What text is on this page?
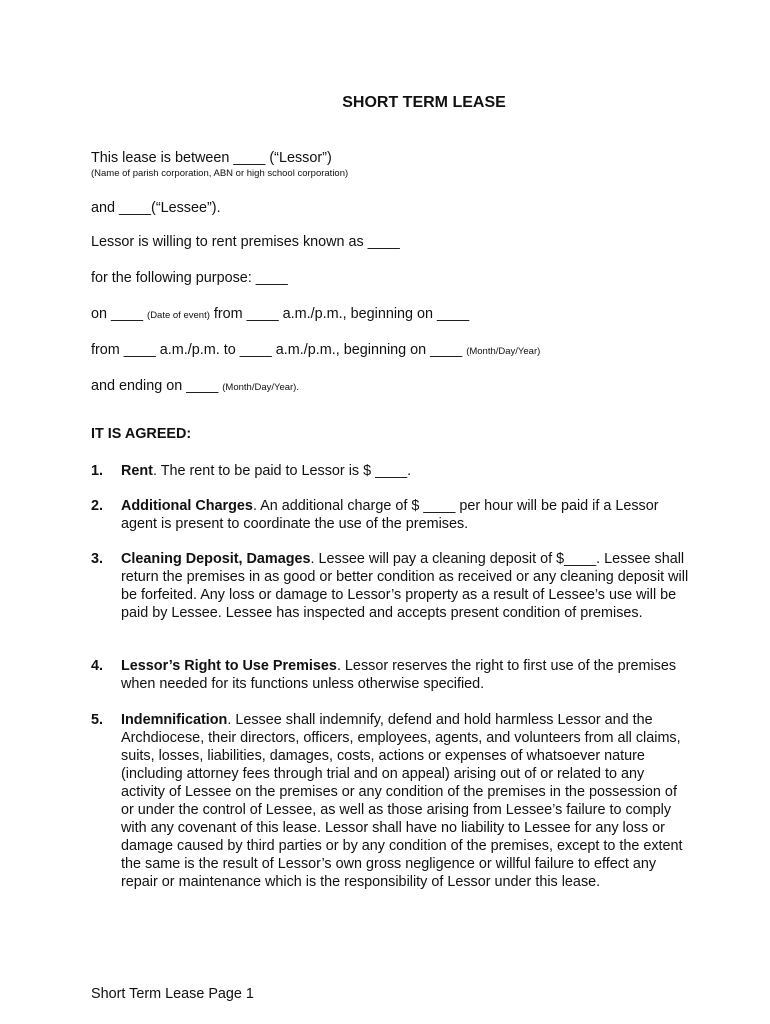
SHORT TERM LEASE
This lease is between ____ (“Lessor”)
(Name of parish corporation, ABN or high school corporation)
and ____(“Lessee”).
Lessor is willing to rent premises known as ____
for the following purpose: ____
on ____ (Date of event) from ____ a.m./p.m., beginning on ____
from ____ a.m./p.m. to ____ a.m./p.m., beginning on ____ (Month/Day/Year)
and ending on ____ (Month/Day/Year).
IT IS AGREED:
1. Rent. The rent to be paid to Lessor is $ ____.
2. Additional Charges. An additional charge of $ ____ per hour will be paid if a Lessor agent is present to coordinate the use of the premises.
3. Cleaning Deposit, Damages. Lessee will pay a cleaning deposit of $____. Lessee shall return the premises in as good or better condition as received or any cleaning deposit will be forfeited. Any loss or damage to Lessor’s property as a result of Lessee’s use will be paid by Lessee. Lessee has inspected and accepts present condition of premises.
4. Lessor’s Right to Use Premises. Lessor reserves the right to first use of the premises when needed for its functions unless otherwise specified.
5. Indemnification. Lessee shall indemnify, defend and hold harmless Lessor and the Archdiocese, their directors, officers, employees, agents, and volunteers from all claims, suits, losses, liabilities, damages, costs, actions or expenses of whatsoever nature (including attorney fees through trial and on appeal) arising out of or related to any activity of Lessee on the premises or any condition of the premises in the possession of or under the control of Lessee, as well as those arising from Lessee’s failure to comply with any covenant of this lease. Lessor shall have no liability to Lessee for any loss or damage caused by third parties or by any condition of the premises, except to the extent the same is the result of Lessor’s own gross negligence or willful failure to effect any repair or maintenance which is the responsibility of Lessor under this lease.
Short Term Lease Page 1
